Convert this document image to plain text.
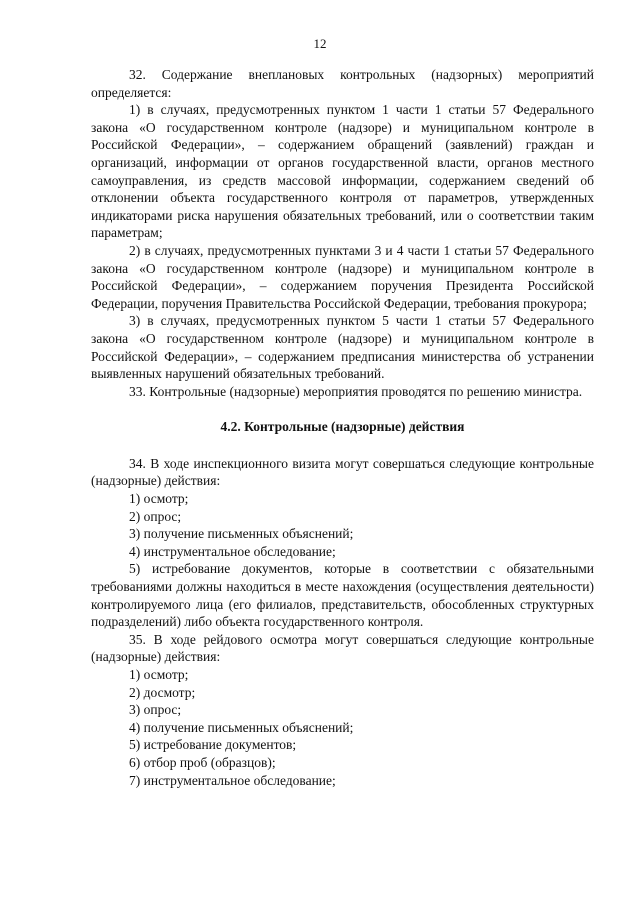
12

32. Содержание внеплановых контрольных (надзорных) мероприятий определяется:

1) в случаях, предусмотренных пунктом 1 части 1 статьи 57 Федерального закона «О государственном контроле (надзоре) и муниципальном контроле в Российской Федерации», – содержанием обращений (заявлений) граждан и организаций, информации от органов государственной власти, органов местного самоуправления, из средств массовой информации, содержанием сведений об отклонении объекта государственного контроля от параметров, утвержденных индикаторами риска нарушения обязательных требований, или о соответствии таким параметрам;

2) в случаях, предусмотренных пунктами 3 и 4 части 1 статьи 57 Федерального закона «О государственном контроле (надзоре) и муниципальном контроле в Российской Федерации», – содержанием поручения Президента Российской Федерации, поручения Правительства Российской Федерации, требования прокурора;

3) в случаях, предусмотренных пунктом 5 части 1 статьи 57 Федерального закона «О государственном контроле (надзоре) и муниципальном контроле в Российской Федерации», – содержанием предписания министерства об устранении выявленных нарушений обязательных требований.

33. Контрольные (надзорные) мероприятия проводятся по решению министра.

4.2. Контрольные (надзорные) действия

34. В ходе инспекционного визита могут совершаться следующие контрольные (надзорные) действия:

1) осмотр;

2) опрос;

3) получение письменных объяснений;

4) инструментальное обследование;

5) истребование документов, которые в соответствии с обязательными требованиями должны находиться в месте нахождения (осуществления деятельности) контролируемого лица (его филиалов, представительств, обособленных структурных подразделений) либо объекта государственного контроля.

35. В ходе рейдового осмотра могут совершаться следующие контрольные (надзорные) действия:

1) осмотр;

2) досмотр;

3) опрос;

4) получение письменных объяснений;

5) истребование документов;

6) отбор проб (образцов);

7) инструментальное обследование;
